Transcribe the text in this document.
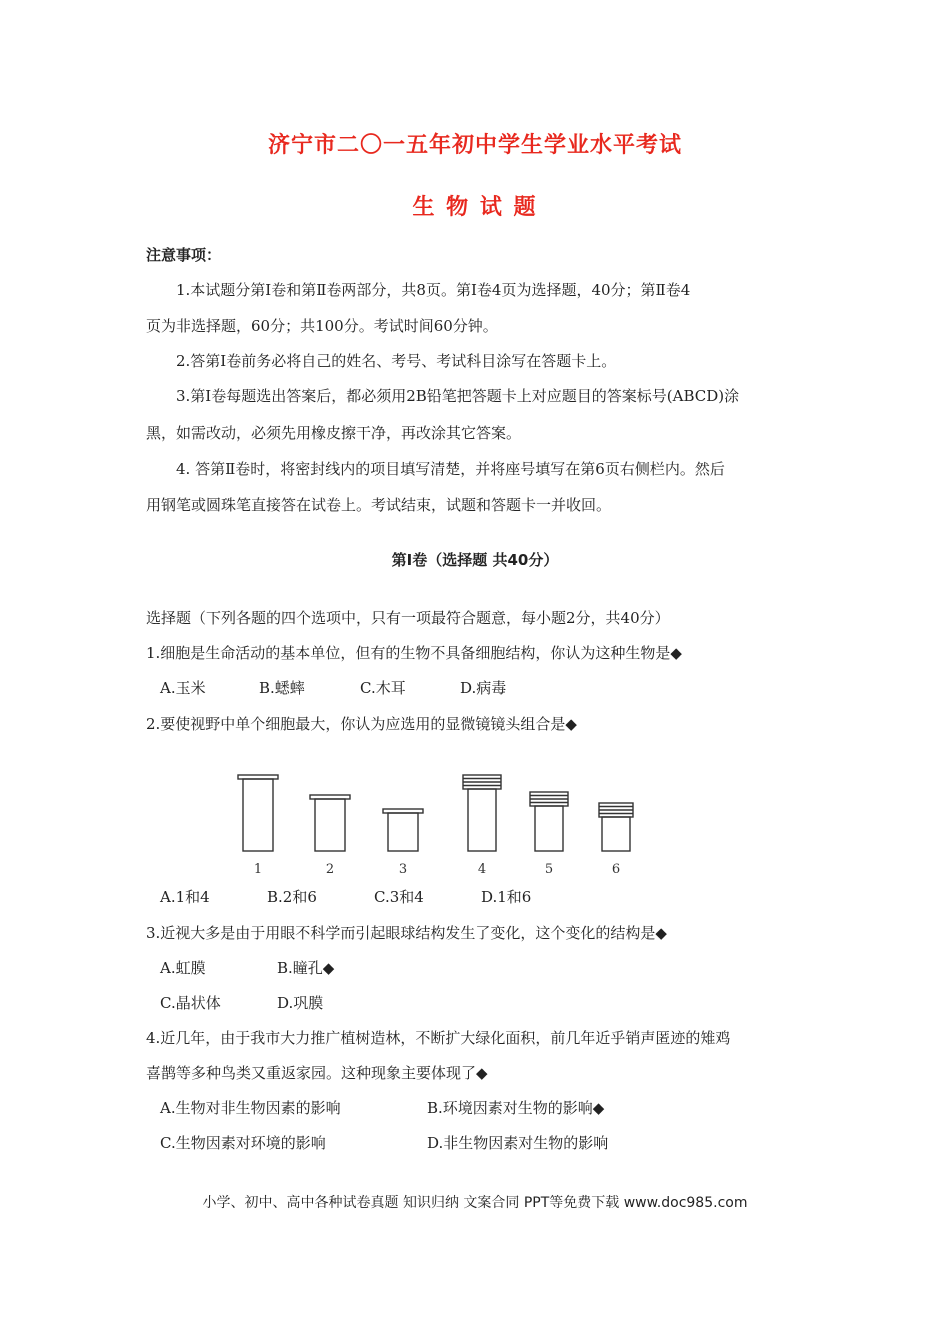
济宁市二〇一五年初中学生学业水平考试
生 物 试 题
注意事项：
1.本试题分第Ⅰ卷和第Ⅱ卷两部分，共8页。第Ⅰ卷4页为选择题，40分；第Ⅱ卷4
页为非选择题，60分；共100分。考试时间60分钟。
2.答第Ⅰ卷前务必将自己的姓名、考号、考试科目涂写在答题卡上。
3.第Ⅰ卷每题选出答案后，都必须用2B铅笔把答题卡上对应题目的答案标号(ABCD)涂
黑，如需改动，必须先用橡皮擦干净，再改涂其它答案。
4. 答第Ⅱ卷时，将密封线内的项目填写清楚，并将座号填写在第6页右侧栏内。然后
用钢笔或圆珠笔直接答在试卷上。考试结束，试题和答题卡一并收回。
第Ⅰ卷（选择题 共40分）
选择题（下列各题的四个选项中，只有一项最符合题意，每小题2分，共40分）
1.细胞是生命活动的基本单位，但有的生物不具备细胞结构，你认为这种生物是◆
A.玉米	B.蟋蟀	C.木耳	D.病毒
2.要使视野中单个细胞最大，你认为应选用的显微镜镜头组合是◆
1	2	3	4	5	6
A.1和4	B.2和6	C.3和4	D.1和6
3.近视大多是由于用眼不科学而引起眼球结构发生了变化，这个变化的结构是◆
A.虹膜	B.瞳孔◆
C.晶状体	D.巩膜
4.近几年，由于我市大力推广植树造林，不断扩大绿化面积，前几年近乎销声匿迹的雉鸡
喜鹊等多种鸟类又重返家园。这种现象主要体现了◆
A.生物对非生物因素的影响	B.环境因素对生物的影响◆
C.生物因素对环境的影响	D.非生物因素对生物的影响
小学、初中、高中各种试卷真题 知识归纳 文案合同 PPT等免费下载 www.doc985.com
